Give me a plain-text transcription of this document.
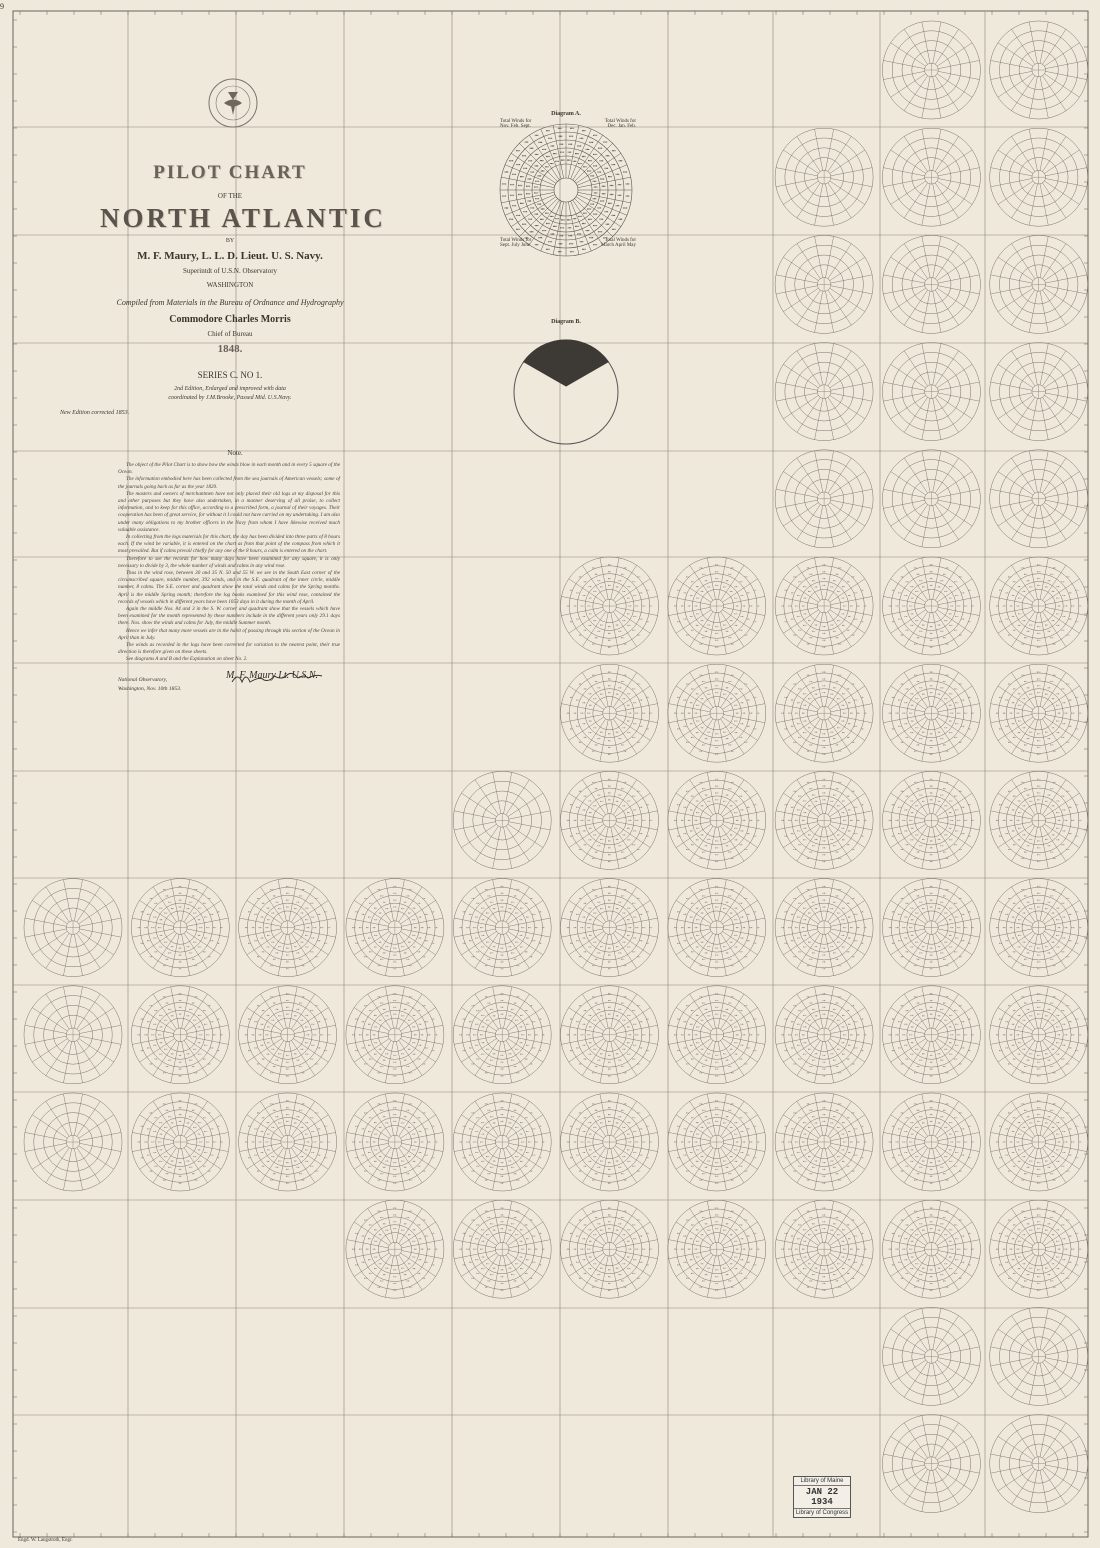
9
PILOT CHART
OF THE
NORTH ATLANTIC
BY
M. F. Maury, L. L. D. Lieut. U. S. Navy.
Superintdt of U.S.N. Observatory
WASHINGTON
Compiled from Materials in the Bureau of Ordnance and Hydrography
Commodore Charles Morris
Chief of Bureau
1848.
SERIES C. NO 1.
2nd Edition, Enlarged and improved with data
coordinated by J.M.Brooke, Passed Mid. U.S.Navy.
New Edition corrected 1853.
Diagram A.
Total Winds for Nov. Feb. Sept.
Total Winds for Dec. Jan. Feb.
Total Winds for Sept. July June
Total Winds for March April May
Diagram B.
Note.

The object of the Pilot Chart is to show how the winds blow in each month and in every 5 square of the Ocean.

The information embodied here has been collected from the sea journals of American vessels; some of the journals going back as far as the year 1820.

The masters and owners of merchantmen have not only placed their old logs at my disposal for this and other purposes but they have also undertaken, in a manner deserving of all praise, to collect information, and to keep for this office, according to a prescribed form, a journal of their voyages. Their cooperation has been of great service, for without it I could not have carried on my undertaking. I am also under many obligations to my brother officers in the Navy from whom I have likewise received much valuable assistance.

In collecting from the logs materials for this chart, the day has been divided into three parts of 8 hours each. If the wind be variable, it is entered on the chart as from that point of the compass from which it most prevailed. But if calms prevail chiefly for any one of the 8 hours, a calm is entered on the chart.

Therefore to see the records for how many days have been examined for any square, it is only necessary to divide by 3, the whole number of winds and calms in any wind rose.

Thus in the wind rose, between 30 and 35 N. 50 and 55 W. we see in the South East corner of the circumscribed square, middle number, 392 winds, and in the S.E. quadrant of the inner circle, middle number, 8 calms. The S.E. corner and quadrant show the total winds and calms for the Spring months. April is the middle Spring month; therefore the log books examined for this wind rose, contained the records of vessels which in different years have been 1053 days in it during the month of April.

Again the middle Nos. 84 and 3 in the S. W. corner and quadrant show that the vessels which have been examined for the month represented by these numbers include in the different years only 29.1 days there. Nos. show the winds and calms for July, the middle Summer month.

Hence we infer that many more vessels are in the habit of passing through this section of the Ocean in April than in July.

The winds as recorded in the logs have been corrected for variation to the nearest point, their true direction is therefore given on these sheets.

See diagrams A and B and the Explanation on sheet No. 2.

National Observatory,
Washington, Nov. 10th 1853.
M. F. Maury Lt. U.S.N.
Engd. W. Langstroth, Engr.
Library of Maine
JAN 22 1934
Library of Congress
